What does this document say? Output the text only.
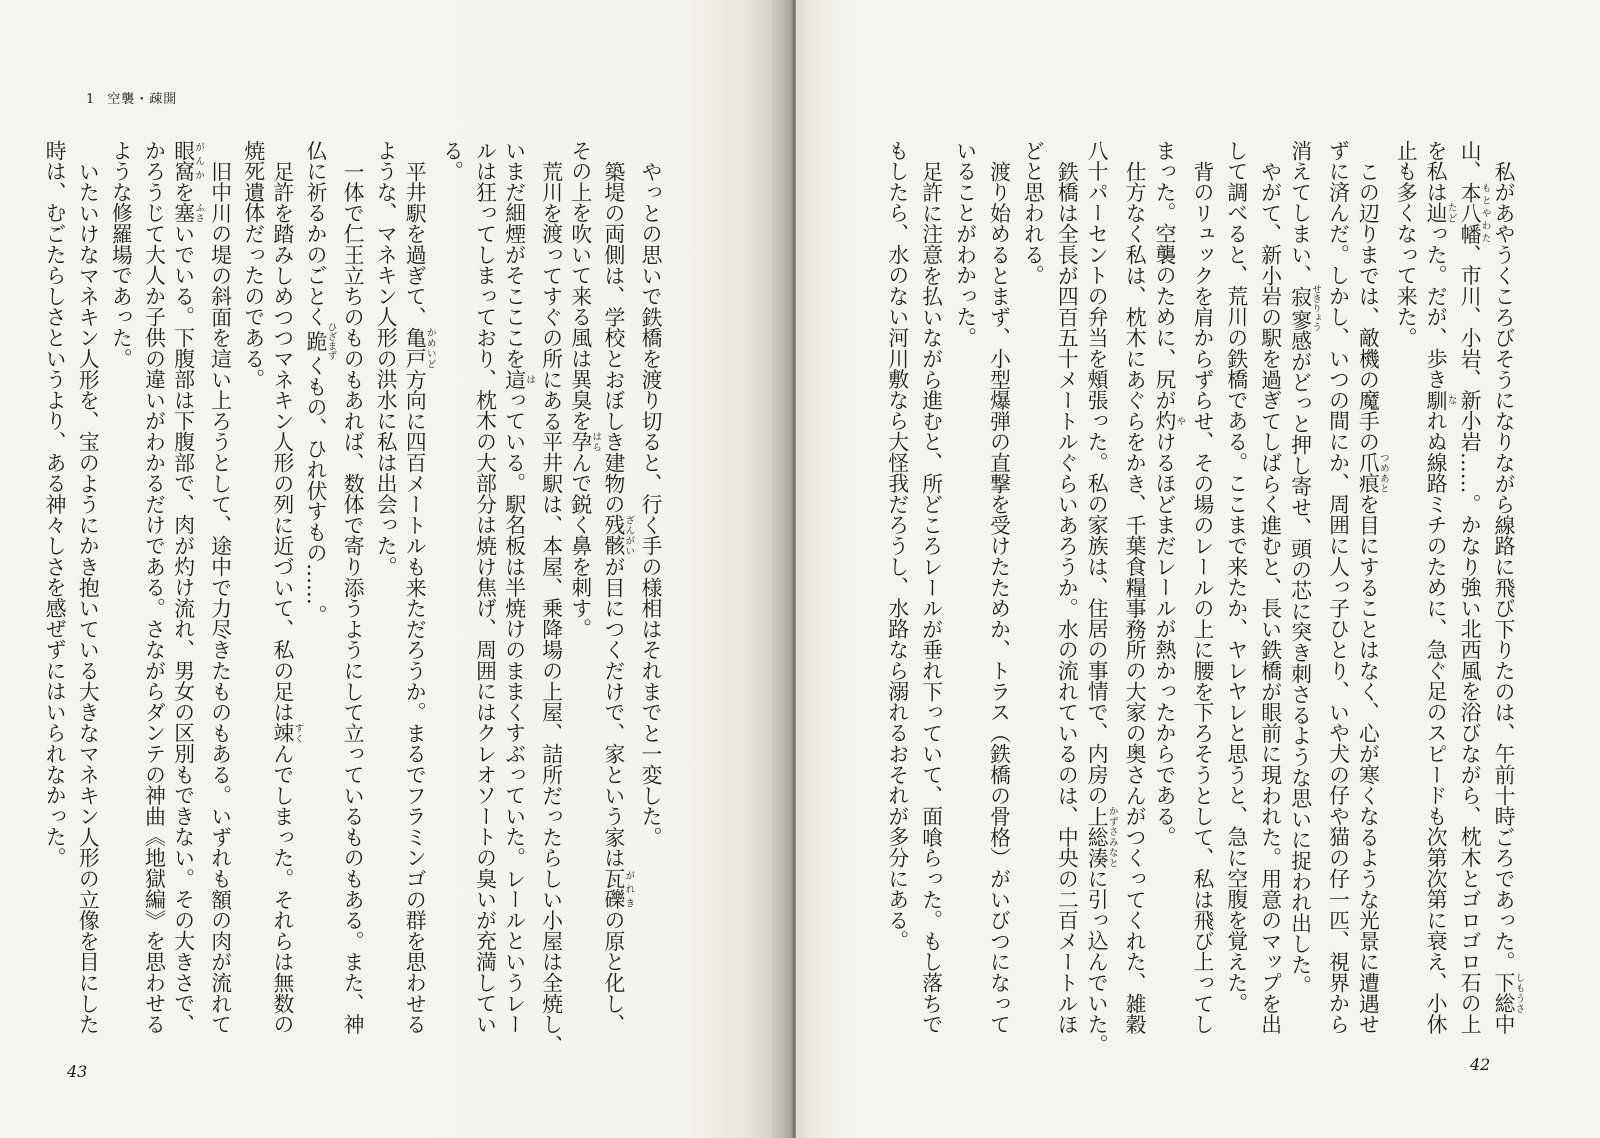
1 空襲・疎開
やっとの思いで鉄橋を渡り切ると、行く手の様相はそれまでと一変した。
築堤の両側は、学校とおぼしき建物の残骸ざんがいが目につくだけで、家という家は瓦礫がれきの原と化し、
その上を吹いて来る風は異臭を孕はらんで鋭く鼻を刺す。
荒川を渡ってすぐの所にある平井駅は、本屋、乗降場の上屋、詰所だったらしい小屋は全焼し、
いまだ細煙がそこここを這はっている。駅名板は半焼けのままくすぶっていた。レールというレー
ルは狂ってしまっており、枕木の大部分は焼け焦げ、周囲にはクレオソートの臭いが充満してい
る。
平井駅を過ぎて、亀戸かめいど方向に四百メートルも来ただろうか。まるでフラミンゴの群を思わせる
ような、マネキン人形の洪水に私は出会った。
一体で仁王立ちのものもあれば、数体で寄り添うようにして立っているものもある。また、神
仏に祈るかのごとく跪ひざまずくもの、ひれ伏すもの……。
足許を踏みしめつつマネキン人形の列に近づいて、私の足は竦すくんでしまった。それらは無数の
焼死遺体だったのである。
旧中川の堤の斜面を這い上ろうとして、途中で力尽きたものもある。いずれも額の肉が流れて
眼窩がんかを塞ふさいでいる。下腹部は下腹部で、肉が灼け流れ、男女の区別もできない。その大きさで、
かろうじて大人か子供の違いがわかるだけである。さながらダンテの神曲《地獄編》を思わせる
ような修羅場であった。
いたいけなマネキン人形を、宝のようにかき抱いている大きなマネキン人形の立像を目にした
時は、むごたらしさというより、ある神々しさを感ぜずにはいられなかった。
43
私があやうくころびそうになりながら線路に飛び下りたのは、午前十時ごろであった。下総しもうさ中
山、本八幡もとやわた、市川、小岩、新小岩……。かなり強い北西風を浴びながら、枕木とゴロゴロ石の上
を私は辿たどった。だが、歩き馴なれぬ線路ミチのために、急ぐ足のスピードも次第次第に衰え、小休
止も多くなって来た。
この辺りまでは、敵機の魔手の爪痕つめあとを目にすることはなく、心が寒くなるような光景に遭遇せ
ずに済んだ。しかし、いつの間にか、周囲に人っ子ひとり、いや犬の仔や猫の仔一匹、視界から
消えてしまい、寂寥せきりょう感がどっと押し寄せ、頭の芯に突き刺さるような思いに捉われ出した。
やがて、新小岩の駅を過ぎてしばらく進むと、長い鉄橋が眼前に現われた。用意のマップを出
して調べると、荒川の鉄橋である。ここまで来たか、ヤレヤレと思うと、急に空腹を覚えた。
背のリュックを肩からずらせ、その場のレールの上に腰を下ろそうとして、私は飛び上ってし
まった。空襲のために、尻が灼やけるほどまだレールが熱かったからである。
仕方なく私は、枕木にあぐらをかき、千葉食糧事務所の大家の奥さんがつくってくれた、雑穀
八十パーセントの弁当を頰張った。私の家族は、住居の事情で、内房の上総湊かずさみなとに引っ込んでいた。
鉄橋は全長が四百五十メートルぐらいあろうか。水の流れているのは、中央の二百メートルほ
どと思われる。
渡り始めるとまず、小型爆弾の直撃を受けたためか、トラス（鉄橋の骨格）がいびつになって
いることがわかった。
足許に注意を払いながら進むと、所どころレールが垂れ下っていて、面喰らった。もし落ちで
もしたら、水のない河川敷なら大怪我だろうし、水路なら溺れるおそれが多分にある。
42
